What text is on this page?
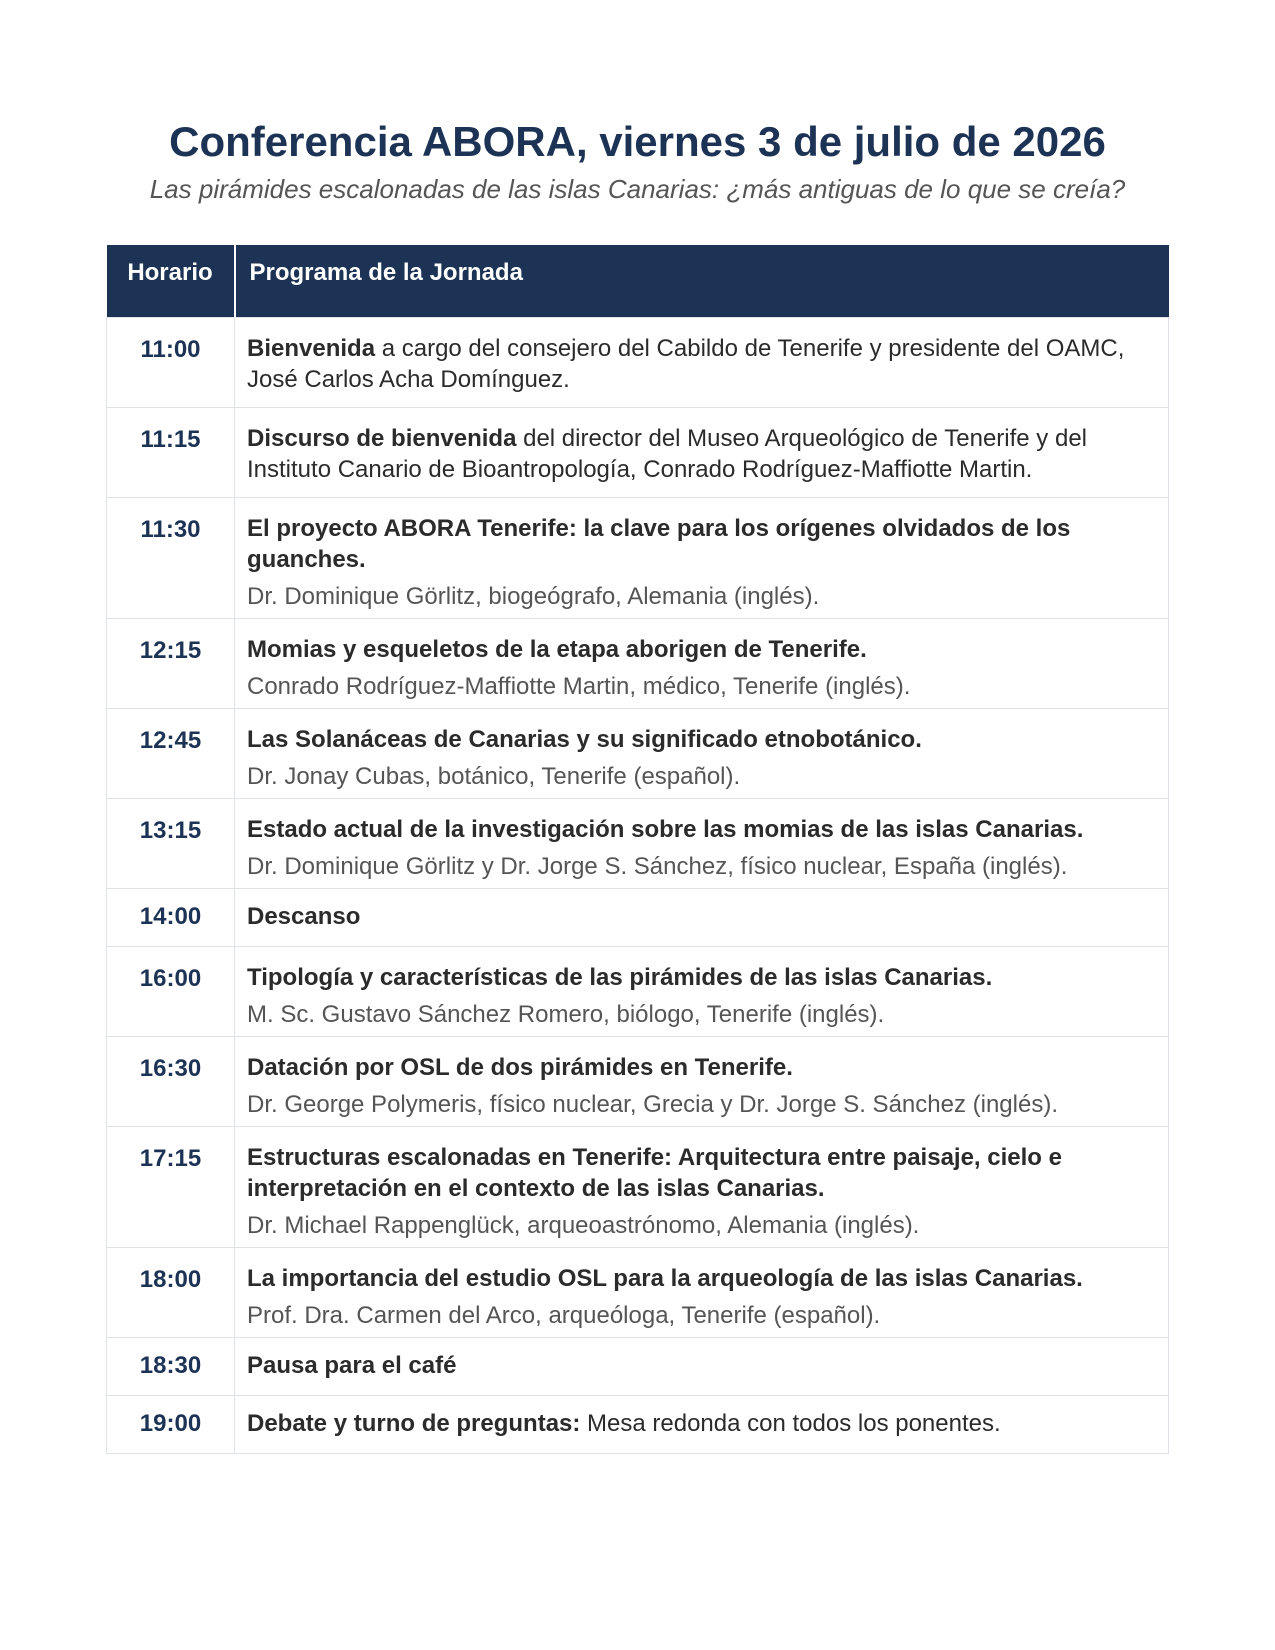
Conferencia ABORA, viernes 3 de julio de 2026

Las pirámides escalonadas de las islas Canarias: ¿más antiguas de lo que se creía?

Horario	Programa de la Jornada
11:00	Bienvenida a cargo del consejero del Cabildo de Tenerife y presidente del OAMC, José Carlos Acha Domínguez.
11:15	Discurso de bienvenida del director del Museo Arqueológico de Tenerife y del Instituto Canario de Bioantropología, Conrado Rodríguez-Maffiotte Martin.
11:30	El proyecto ABORA Tenerife: la clave para los orígenes olvidados de los guanches.
Dr. Dominique Görlitz, biogeógrafo, Alemania (inglés).

12:15	Momias y esqueletos de la etapa aborigen de Tenerife.
Conrado Rodríguez-Maffiotte Martin, médico, Tenerife (inglés).

12:45	Las Solanáceas de Canarias y su significado etnobotánico.
Dr. Jonay Cubas, botánico, Tenerife (español).

13:15	Estado actual de la investigación sobre las momias de las islas Canarias.
Dr. Dominique Görlitz y Dr. Jorge S. Sánchez, físico nuclear, España (inglés).

14:00	Descanso
16:00	Tipología y características de las pirámides de las islas Canarias.
M. Sc. Gustavo Sánchez Romero, biólogo, Tenerife (inglés).

16:30	Datación por OSL de dos pirámides en Tenerife.
Dr. George Polymeris, físico nuclear, Grecia y Dr. Jorge S. Sánchez (inglés).

17:15	Estructuras escalonadas en Tenerife: Arquitectura entre paisaje, cielo e interpretación en el contexto de las islas Canarias.
Dr. Michael Rappenglück, arqueoastrónomo, Alemania (inglés).

18:00	La importancia del estudio OSL para la arqueología de las islas Canarias.
Prof. Dra. Carmen del Arco, arqueóloga, Tenerife (español).

18:30	Pausa para el café
19:00	Debate y turno de preguntas: Mesa redonda con todos los ponentes.
